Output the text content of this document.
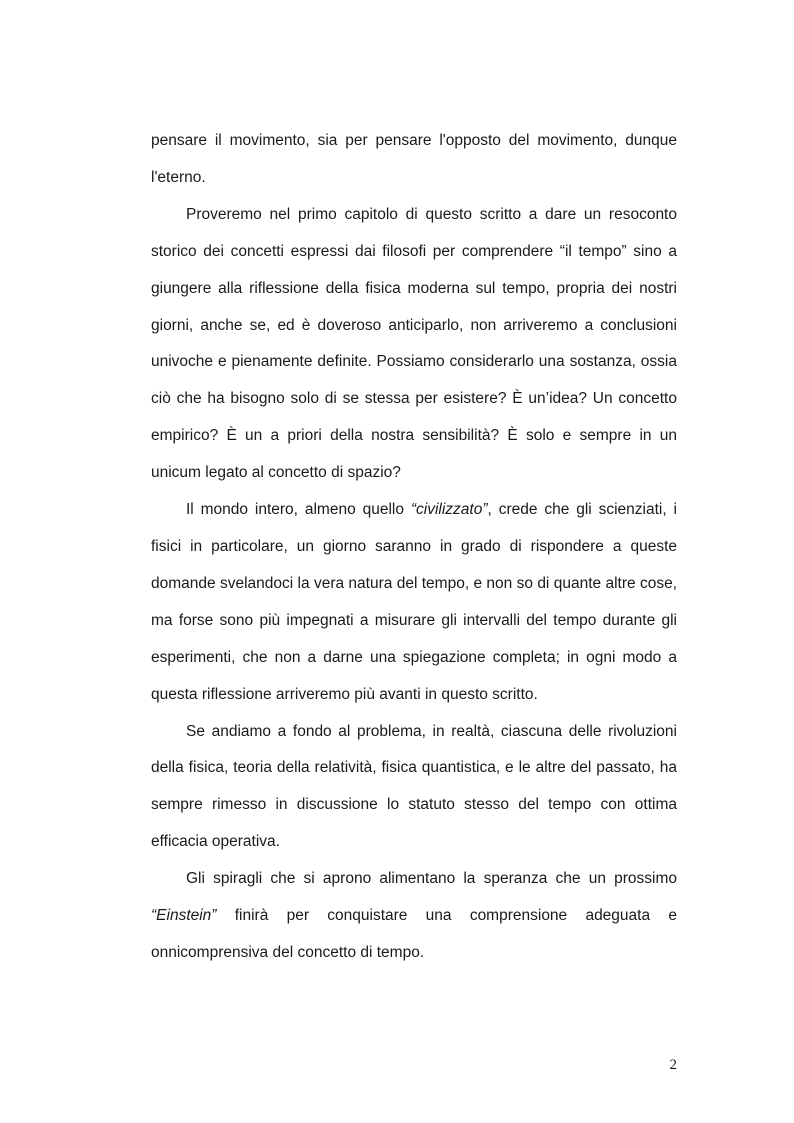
pensare il movimento, sia per pensare l'opposto del movimento, dunque l'eterno.

Proveremo nel primo capitolo di questo scritto a dare un resoconto storico dei concetti espressi dai filosofi per comprendere “il tempo” sino a giungere alla riflessione della fisica moderna sul tempo, propria dei nostri giorni, anche se, ed è doveroso anticiparlo, non arriveremo a conclusioni univoche e pienamente definite. Possiamo considerarlo una sostanza, ossia ciò che ha bisogno solo di se stessa per esistere? È un’idea? Un concetto empirico? È un a priori della nostra sensibilità? È solo e sempre in un unicum legato al concetto di spazio?

Il mondo intero, almeno quello “civilizzato”, crede che gli scienziati, i fisici in particolare, un giorno saranno in grado di rispondere a queste domande svelandoci la vera natura del tempo, e non so di quante altre cose, ma forse sono più impegnati a misurare gli intervalli del tempo durante gli esperimenti, che non a darne una spiegazione completa; in ogni modo a questa riflessione arriveremo più avanti in questo scritto.

Se andiamo a fondo al problema, in realtà, ciascuna delle rivoluzioni della fisica, teoria della relatività, fisica quantistica, e le altre del passato, ha sempre rimesso in discussione lo statuto stesso del tempo con ottima efficacia operativa.

Gli spiragli che si aprono alimentano la speranza che un prossimo “Einstein” finirà per conquistare una comprensione adeguata e onnicomprensiva del concetto di tempo.

2
